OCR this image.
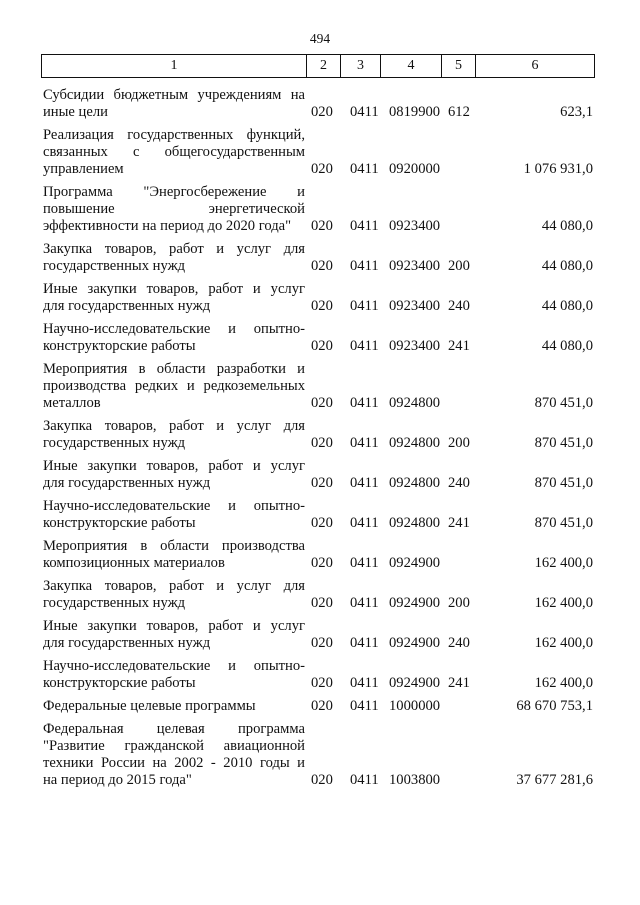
494
1	2	3	4	5	6
Субсидии бюджетным учреждениям на
иные цели	020 0411 0819900 612	623,1
Реализация государственных функций,
связанных с общегосударственным
управлением	020 0411 0920000	1 076 931,0
Программа "Энергосбережение и
повышение энергетической
эффективности на период до 2020 года"	020 0411 0923400	44 080,0
Закупка товаров, работ и услуг для
государственных нужд	020 0411 0923400 200	44 080,0
Иные закупки товаров, работ и услуг
для государственных нужд	020 0411 0923400 240	44 080,0
Научно-исследовательские и опытно-
конструкторские работы	020 0411 0923400 241	44 080,0
Мероприятия в области разработки и
производства редких и редкоземельных
металлов	020 0411 0924800	870 451,0
Закупка товаров, работ и услуг для
государственных нужд	020 0411 0924800 200	870 451,0
Иные закупки товаров, работ и услуг
для государственных нужд	020 0411 0924800 240	870 451,0
Научно-исследовательские и опытно-
конструкторские работы	020 0411 0924800 241	870 451,0
Мероприятия в области производства
композиционных материалов	020 0411 0924900	162 400,0
Закупка товаров, работ и услуг для
государственных нужд	020 0411 0924900 200	162 400,0
Иные закупки товаров, работ и услуг
для государственных нужд	020 0411 0924900 240	162 400,0
Научно-исследовательские и опытно-
конструкторские работы	020 0411 0924900 241	162 400,0
Федеральные целевые программы	020 0411 1000000	68 670 753,1
Федеральная целевая программа
"Развитие гражданской авиационной
техники России на 2002 - 2010 годы и
на период до 2015 года"	020 0411 1003800	37 677 281,6
